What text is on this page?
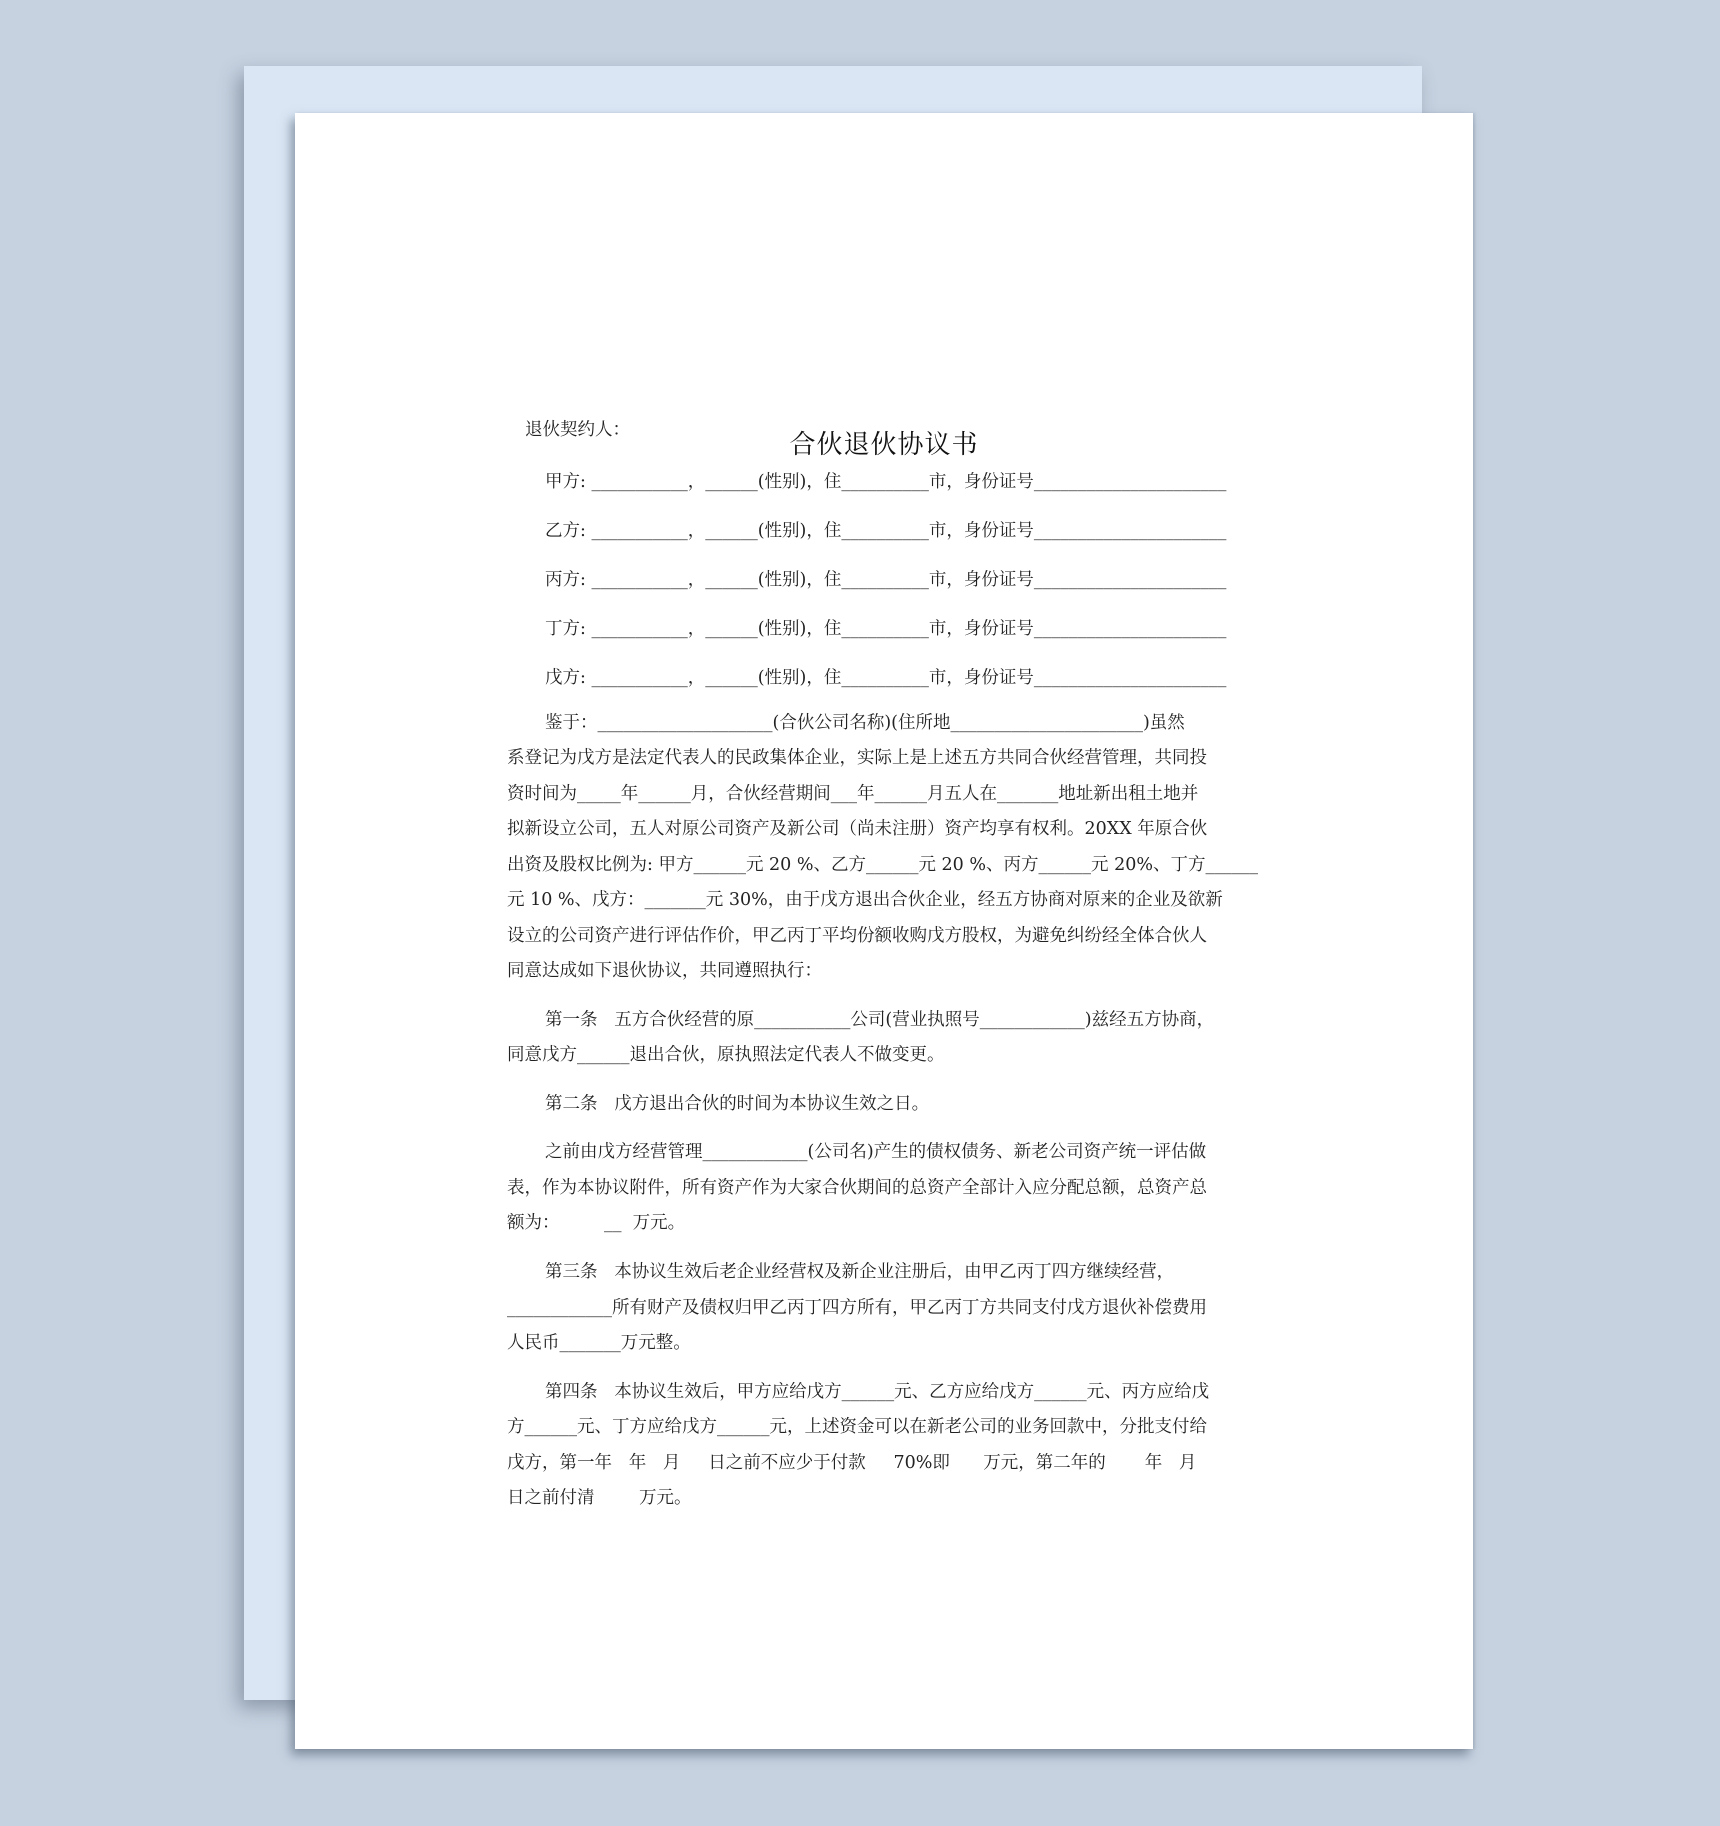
合伙退伙协议书
退伙契约人：
甲方: ___________，______(性别)，住__________市，身份证号______________________
乙方: ___________，______(性别)，住__________市，身份证号______________________
丙方: ___________，______(性别)，住__________市，身份证号______________________
丁方: ___________，______(性别)，住__________市，身份证号______________________
戊方: ___________，______(性别)，住__________市，身份证号______________________
鉴于：____________________(合伙公司名称)(住所地______________________)虽然
系登记为戊方是法定代表人的民政集体企业，实际上是上述五方共同合伙经营管理，共同投
资时间为_____年______月，合伙经营期间___年______月五人在_______地址新出租土地并
拟新设立公司，五人对原公司资产及新公司（尚未注册）资产均享有权利。20XX 年原合伙
出资及股权比例为: 甲方______元 20 %、乙方______元 20 %、丙方______元 20%、丁方______
元 10 %、戊方：_______元 30%，由于戊方退出合伙企业，经五方协商对原来的企业及欲新
设立的公司资产进行评估作价，甲乙丙丁平均份额收购戊方股权，为避免纠纷经全体合伙人
同意达成如下退伙协议，共同遵照执行：
第一条   五方合伙经营的原___________公司(营业执照号____________)兹经五方协商，
同意戊方______退出合伙，原执照法定代表人不做变更。
第二条   戊方退出合伙的时间为本协议生效之日。
之前由戊方经营管理____________(公司名)产生的债权债务、新老公司资产统一评估做
表，作为本协议附件，所有资产作为大家合伙期间的总资产全部计入应分配总额，总资产总
额为：        __  万元。
第三条   本协议生效后老企业经营权及新企业注册后，由甲乙丙丁四方继续经营，
____________所有财产及债权归甲乙丙丁四方所有，甲乙丙丁方共同支付戊方退伙补偿费用
人民币_______万元整。
第四条   本协议生效后，甲方应给戊方______元、乙方应给戊方______元、丙方应给戊
方______元、丁方应给戊方______元，上述资金可以在新老公司的业务回款中，分批支付给
戊方，第一年   年   月     日之前不应少于付款     70%即      万元，第二年的       年   月
日之前付清        万元。
